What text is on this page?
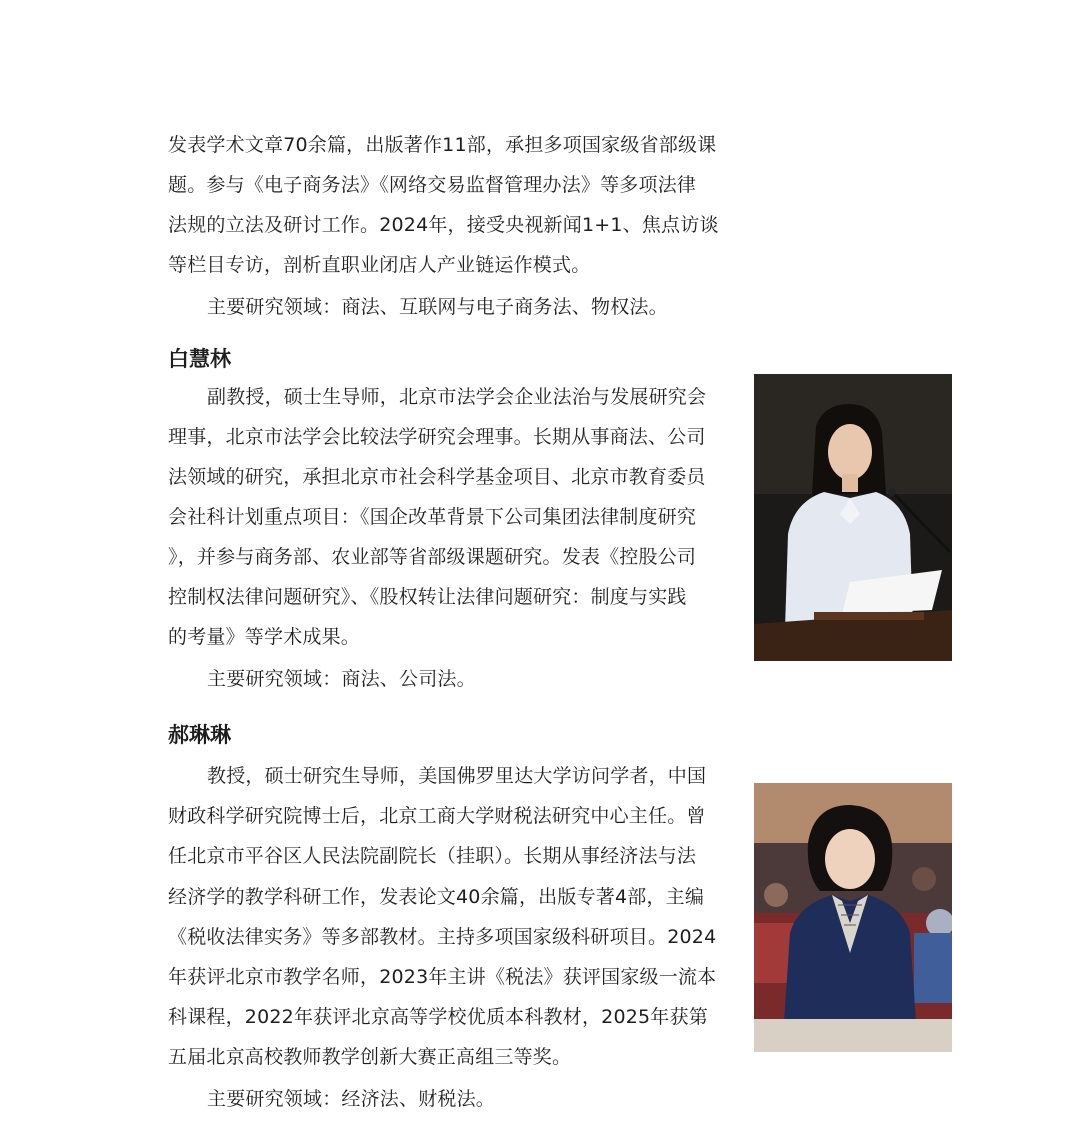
发表学术文章70余篇，出版著作11部，承担多项国家级省部级课
题。参与《电子商务法》《网络交易监督管理办法》等多项法律
法规的立法及研讨工作。2024年，接受央视新闻1+1、焦点访谈
等栏目专访，剖析直职业闭店人产业链运作模式。
主要研究领域：商法、互联网与电子商务法、物权法。
白慧林
副教授，硕士生导师，北京市法学会企业法治与发展研究会
理事，北京市法学会比较法学研究会理事。长期从事商法、公司
法领域的研究，承担北京市社会科学基金项目、北京市教育委员
会社科计划重点项目：《国企改革背景下公司集团法律制度研究
》，并参与商务部、农业部等省部级课题研究。发表《控股公司
控制权法律问题研究》、《股权转让法律问题研究：制度与实践
的考量》等学术成果。
主要研究领域：商法、公司法。
郝琳琳
教授，硕士研究生导师，美国佛罗里达大学访问学者，中国
财政科学研究院博士后，北京工商大学财税法研究中心主任。曾
任北京市平谷区人民法院副院长（挂职）。长期从事经济法与法
经济学的教学科研工作，发表论文40余篇，出版专著4部，主编
《税收法律实务》等多部教材。主持多项国家级科研项目。2024
年获评北京市教学名师，2023年主讲《税法》获评国家级一流本
科课程，2022年获评北京高等学校优质本科教材，2025年获第
五届北京高校教师教学创新大赛正高组三等奖。
主要研究领域：经济法、财税法。
